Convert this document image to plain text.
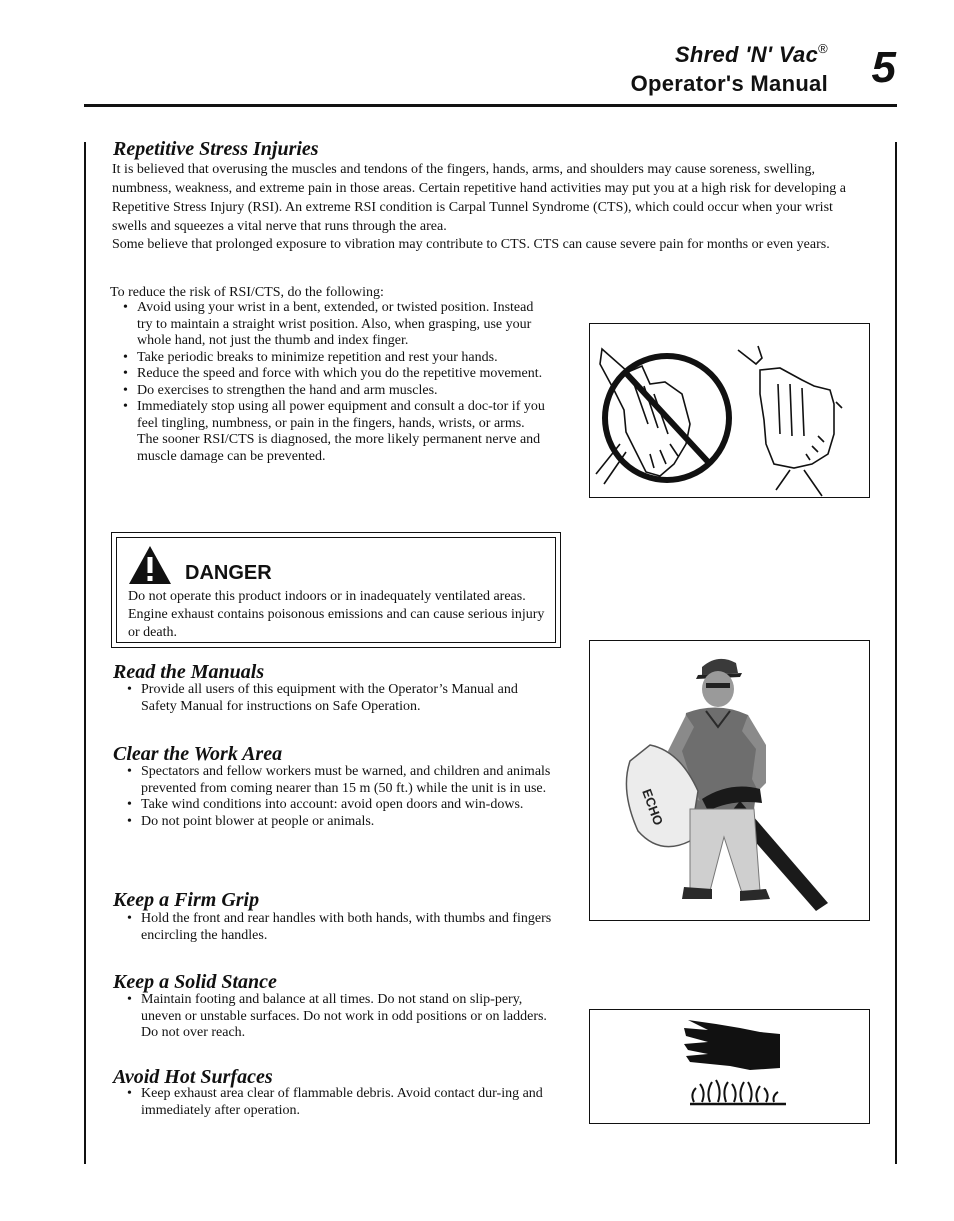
Shred 'N' Vac®
Operator's Manual 5
Repetitive Stress Injuries
It is believed that overusing the muscles and tendons of the fingers, hands, arms, and shoulders may cause soreness, swelling, numbness, weakness, and extreme pain in those areas. Certain repetitive hand activities may put you at a high risk for developing a Repetitive Stress Injury (RSI). An extreme RSI condition is Carpal Tunnel Syndrome (CTS), which could occur when your wrist swells and squeezes a vital nerve that runs through the area.
Some believe that prolonged exposure to vibration may contribute to CTS. CTS can cause severe pain for months or even years.
To reduce the risk of RSI/CTS, do the following:
• Avoid using your wrist in a bent, extended, or twisted position. Instead try to maintain a straight wrist position. Also, when grasping, use your whole hand, not just the thumb and index finger.
• Take periodic breaks to minimize repetition and rest your hands.
• Reduce the speed and force with which you do the repetitive movement.
• Do exercises to strengthen the hand and arm muscles.
• Immediately stop using all power equipment and consult a doc-tor if you feel tingling, numbness, or pain in the fingers, hands, wrists, or arms. The sooner RSI/CTS is diagnosed, the more likely permanent nerve and muscle damage can be prevented.
DANGER
Do not operate this product indoors or in inadequately ventilated areas. Engine exhaust contains poisonous emissions and can cause serious injury or death.
Read the Manuals
• Provide all users of this equipment with the Operator’s Manual and Safety Manual for instructions on Safe Operation.
Clear the Work Area
• Spectators and fellow workers must be warned, and children and animals prevented from coming nearer than 15 m (50 ft.) while the unit is in use.
• Take wind conditions into account: avoid open doors and win-dows.
• Do not point blower at people or animals.
Keep a Firm Grip
• Hold the front and rear handles with both hands, with thumbs and fingers encircling the handles.
Keep a Solid Stance
• Maintain footing and balance at all times. Do not stand on slip-pery, uneven or unstable surfaces. Do not work in odd positions or on ladders. Do not over reach.
Avoid Hot Surfaces
• Keep exhaust area clear of flammable debris. Avoid contact dur-ing and immediately after operation.
ECHO
